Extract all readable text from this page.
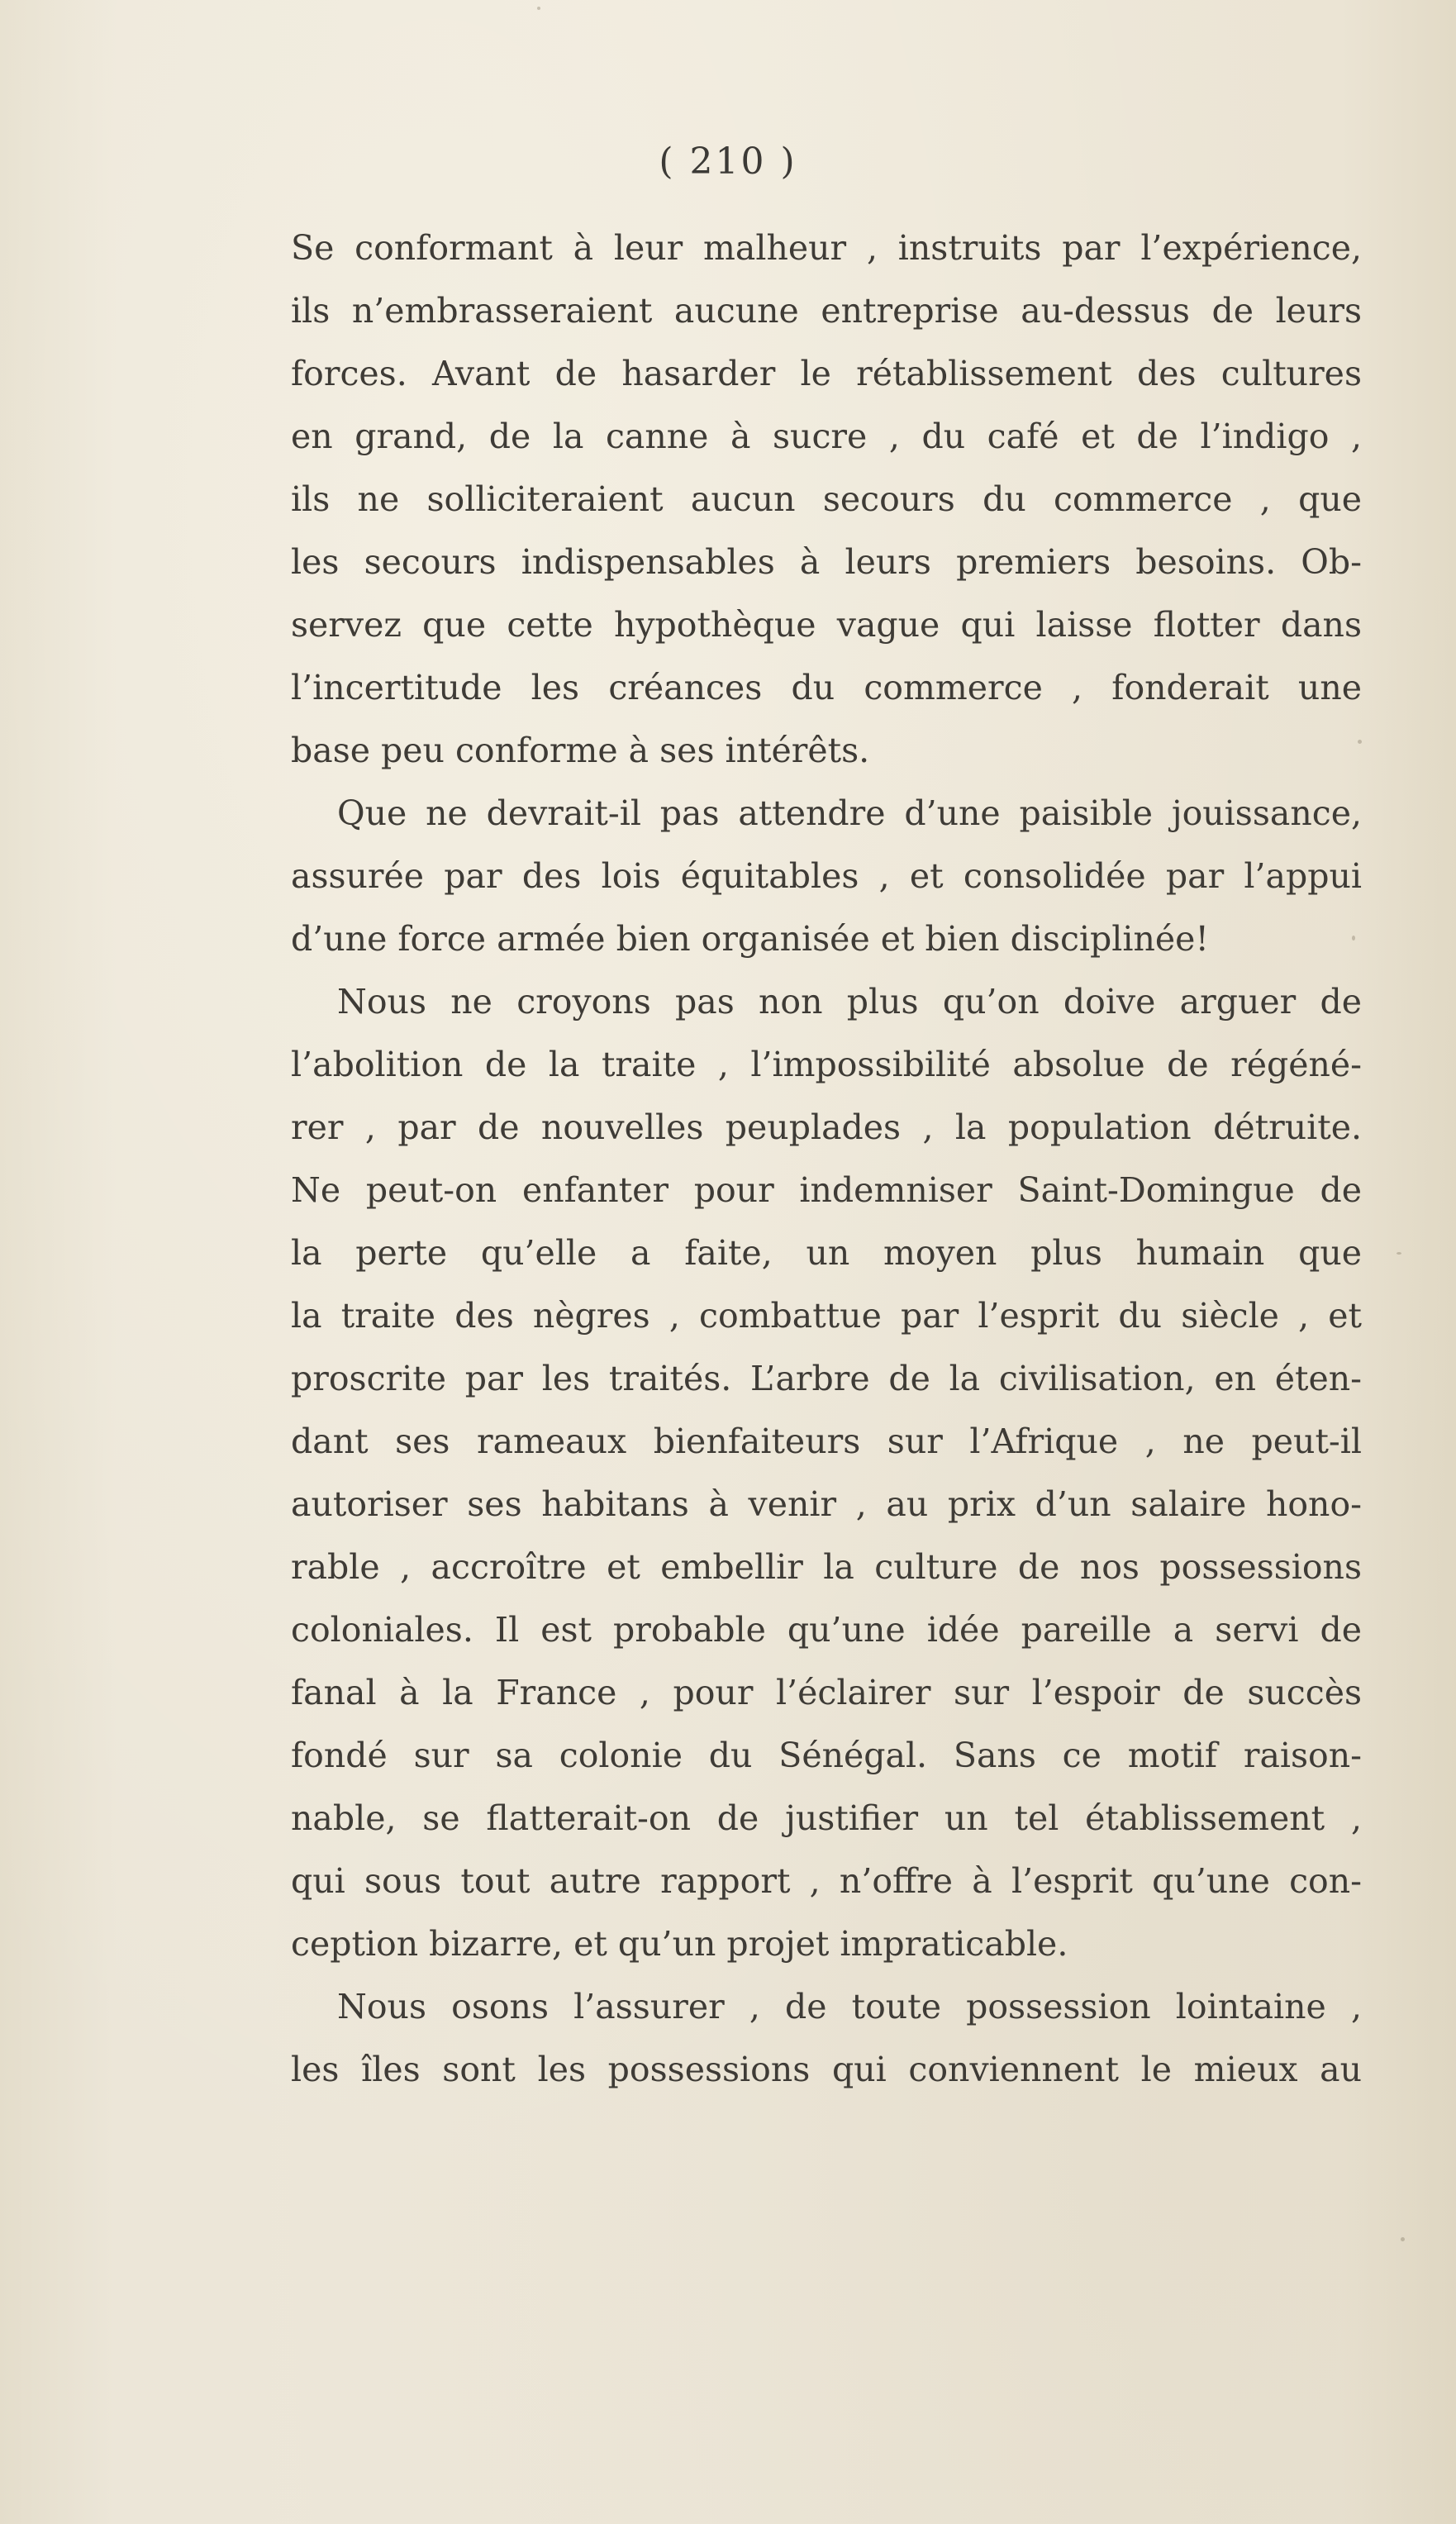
( 210 )
Se conformant à leur malheur , instruits par l’expérience,
ils n’embrasseraient aucune entreprise au-dessus de leurs
forces. Avant de hasarder le rétablissement des cultures
en grand, de la canne à sucre , du café et de l’indigo ,
ils ne solliciteraient aucun secours du commerce , que
les secours indispensables à leurs premiers besoins. Ob-
servez que cette hypothèque vague qui laisse flotter dans
l’incertitude les créances du commerce , fonderait une
base peu conforme à ses intérêts.
Que ne devrait-il pas attendre d’une paisible jouissance,
assurée par des lois équitables , et consolidée par l’appui
d’une force armée bien organisée et bien disciplinée!
Nous ne croyons pas non plus qu’on doive arguer de
l’abolition de la traite , l’impossibilité absolue de régéné-
rer , par de nouvelles peuplades , la population détruite.
Ne peut-on enfanter pour indemniser Saint-Domingue de
la perte qu’elle a faite, un moyen plus humain que
la traite des nègres , combattue par l’esprit du siècle , et
proscrite par les traités. L’arbre de la civilisation, en éten-
dant ses rameaux bienfaiteurs sur l’Afrique , ne peut-il
autoriser ses habitans à venir , au prix d’un salaire hono-
rable , accroître et embellir la culture de nos possessions
coloniales. Il est probable qu’une idée pareille a servi de
fanal à la France , pour l’éclairer sur l’espoir de succès
fondé sur sa colonie du Sénégal. Sans ce motif raison-
nable, se flatterait-on de justifier un tel établissement ,
qui sous tout autre rapport , n’offre à l’esprit qu’une con-
ception bizarre, et qu’un projet impraticable.
Nous osons l’assurer , de toute possession lointaine ,
les îles sont les possessions qui conviennent le mieux au
